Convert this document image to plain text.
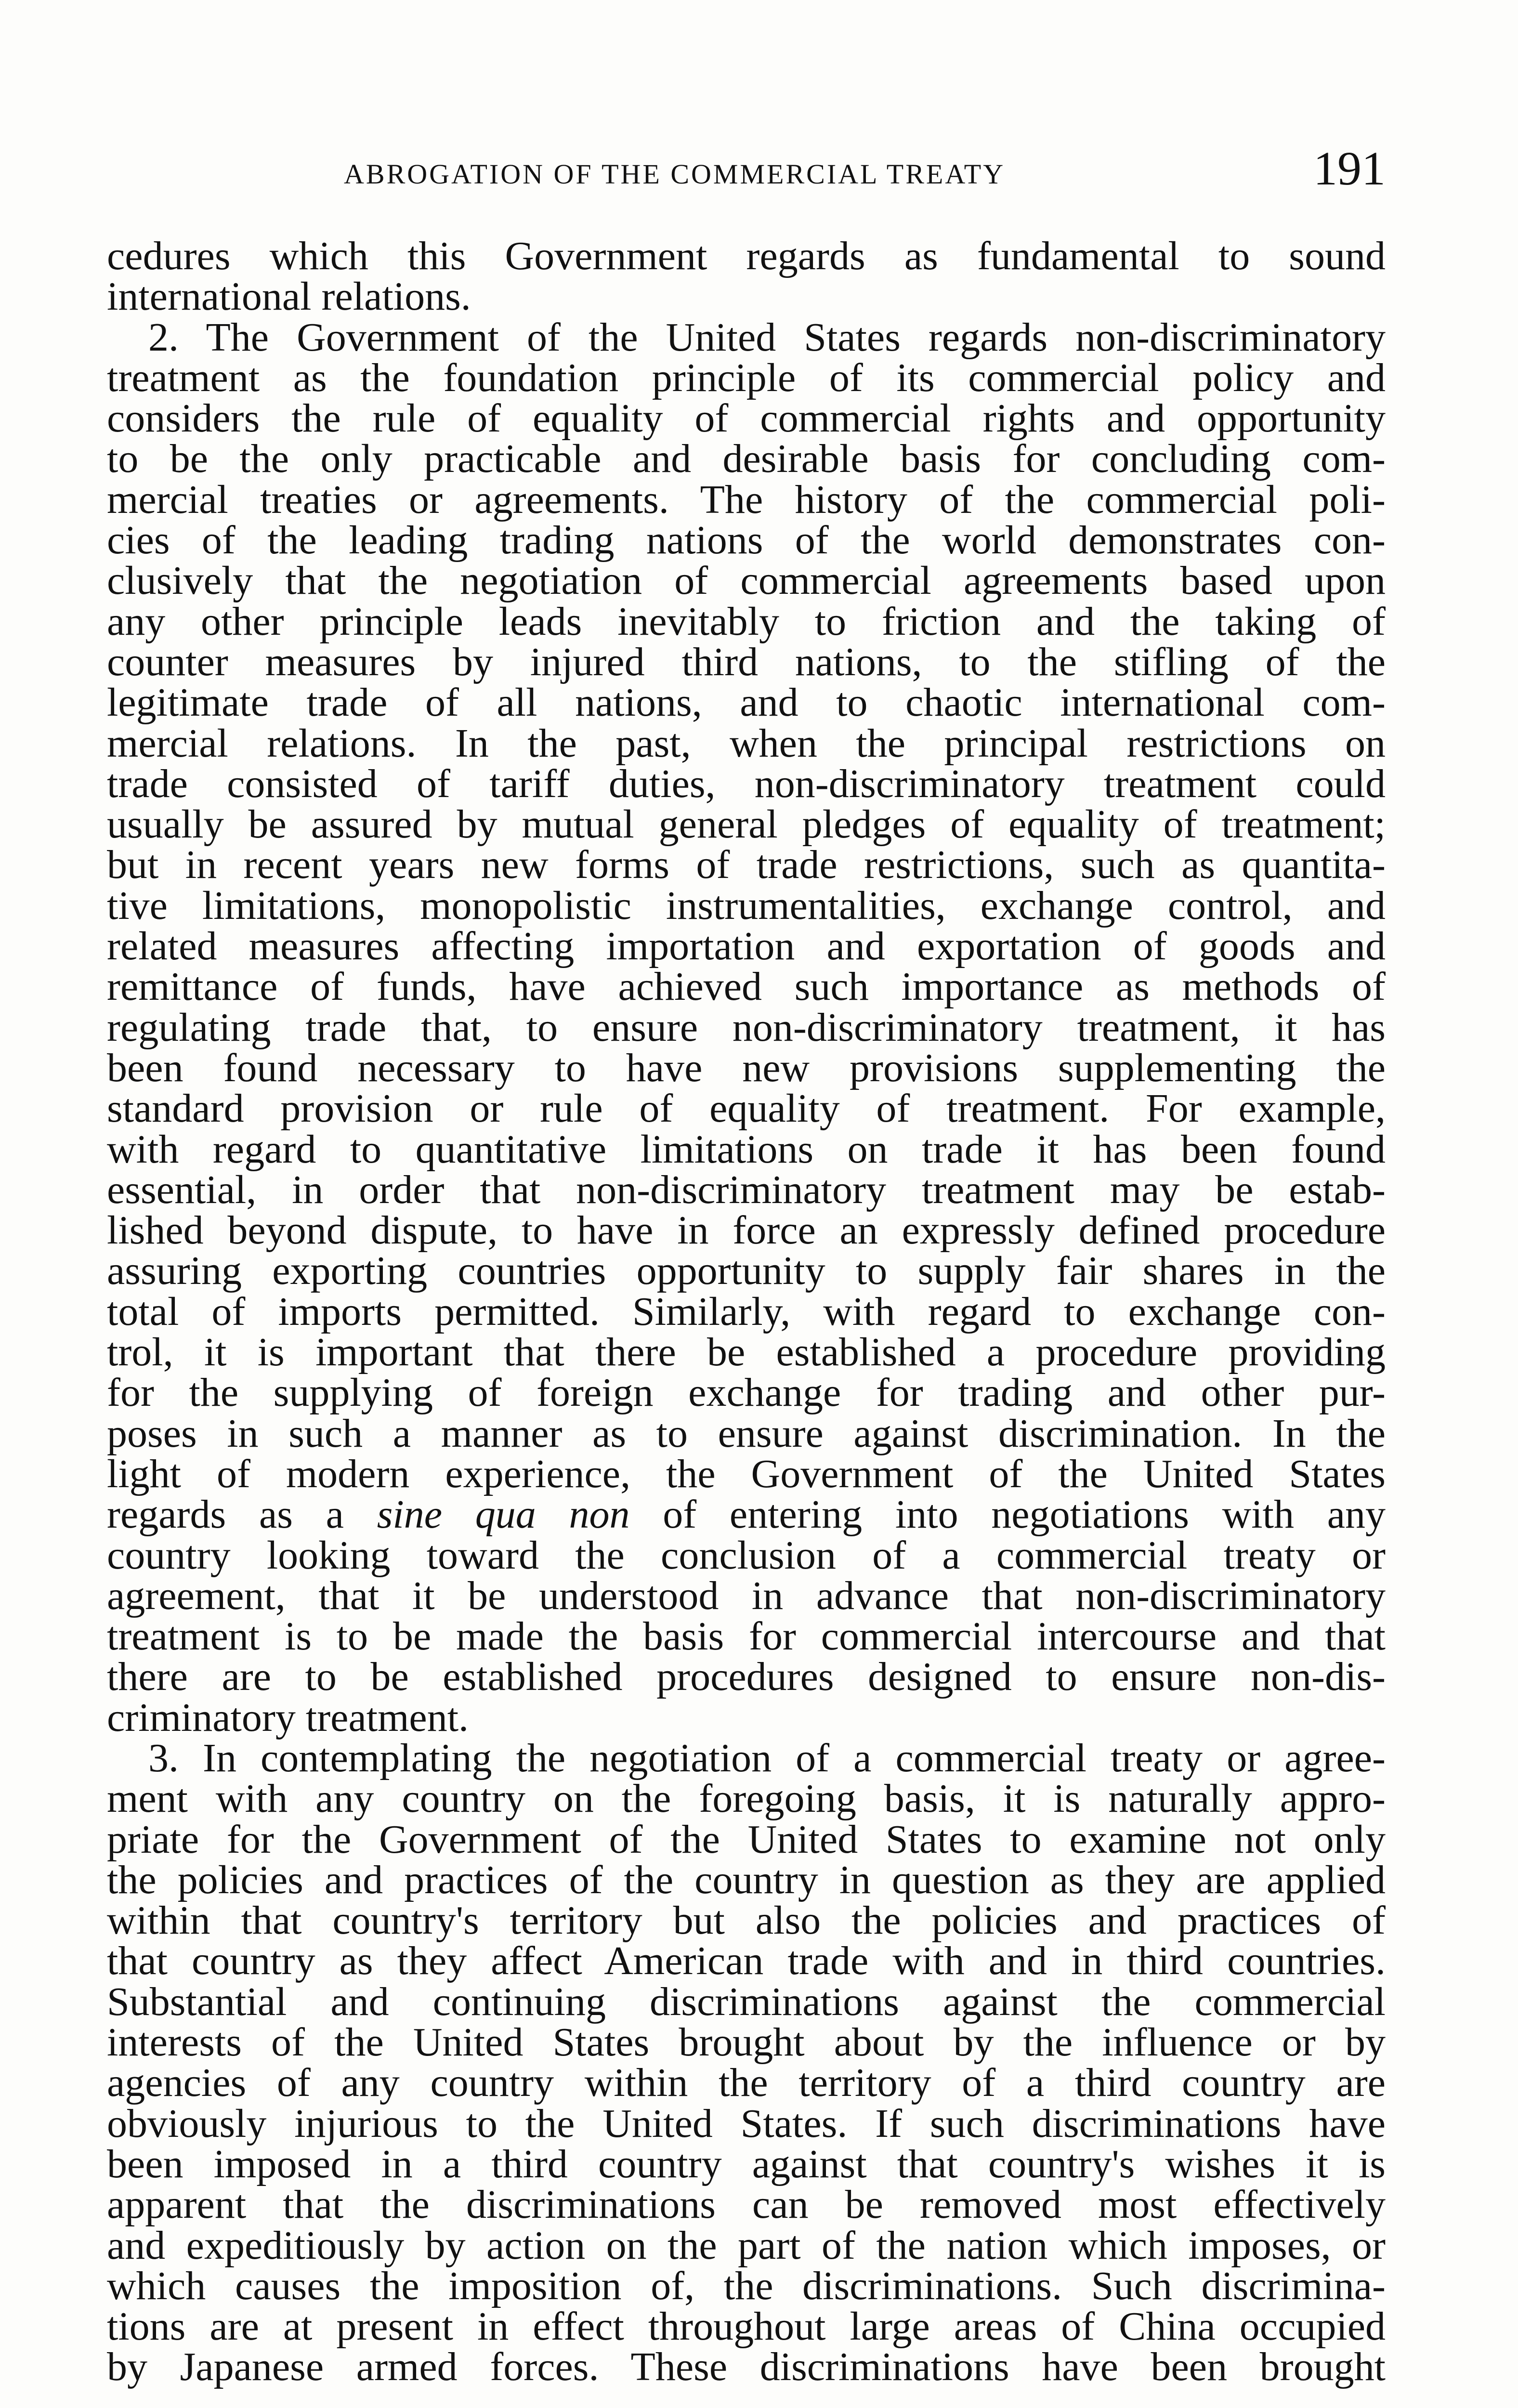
ABROGATION OF THE COMMERCIAL TREATY	191
cedures which this Government regards as fundamental to sound
international relations.
2. The Government of the United States regards non-discriminatory
treatment as the foundation principle of its commercial policy and
considers the rule of equality of commercial rights and opportunity
to be the only practicable and desirable basis for concluding com-
mercial treaties or agreements. The history of the commercial poli-
cies of the leading trading nations of the world demonstrates con-
clusively that the negotiation of commercial agreements based upon
any other principle leads inevitably to friction and the taking of
counter measures by injured third nations, to the stifling of the
legitimate trade of all nations, and to chaotic international com-
mercial relations. In the past, when the principal restrictions on
trade consisted of tariff duties, non-discriminatory treatment could
usually be assured by mutual general pledges of equality of treatment;
but in recent years new forms of trade restrictions, such as quantita-
tive limitations, monopolistic instrumentalities, exchange control, and
related measures affecting importation and exportation of goods and
remittance of funds, have achieved such importance as methods of
regulating trade that, to ensure non-discriminatory treatment, it has
been found necessary to have new provisions supplementing the
standard provision or rule of equality of treatment. For example,
with regard to quantitative limitations on trade it has been found
essential, in order that non-discriminatory treatment may be estab-
lished beyond dispute, to have in force an expressly defined procedure
assuring exporting countries opportunity to supply fair shares in the
total of imports permitted. Similarly, with regard to exchange con-
trol, it is important that there be established a procedure providing
for the supplying of foreign exchange for trading and other pur-
poses in such a manner as to ensure against discrimination. In the
light of modern experience, the Government of the United States
regards as a sine qua non of entering into negotiations with any
country looking toward the conclusion of a commercial treaty or
agreement, that it be understood in advance that non-discriminatory
treatment is to be made the basis for commercial intercourse and that
there are to be established procedures designed to ensure non-dis-
criminatory treatment.
3. In contemplating the negotiation of a commercial treaty or agree-
ment with any country on the foregoing basis, it is naturally appro-
priate for the Government of the United States to examine not only
the policies and practices of the country in question as they are applied
within that country's territory but also the policies and practices of
that country as they affect American trade with and in third countries.
Substantial and continuing discriminations against the commercial
interests of the United States brought about by the influence or by
agencies of any country within the territory of a third country are
obviously injurious to the United States. If such discriminations have
been imposed in a third country against that country's wishes it is
apparent that the discriminations can be removed most effectively
and expeditiously by action on the part of the nation which imposes, or
which causes the imposition of, the discriminations. Such discrimina-
tions are at present in effect throughout large areas of China occupied
by Japanese armed forces. These discriminations have been brought
